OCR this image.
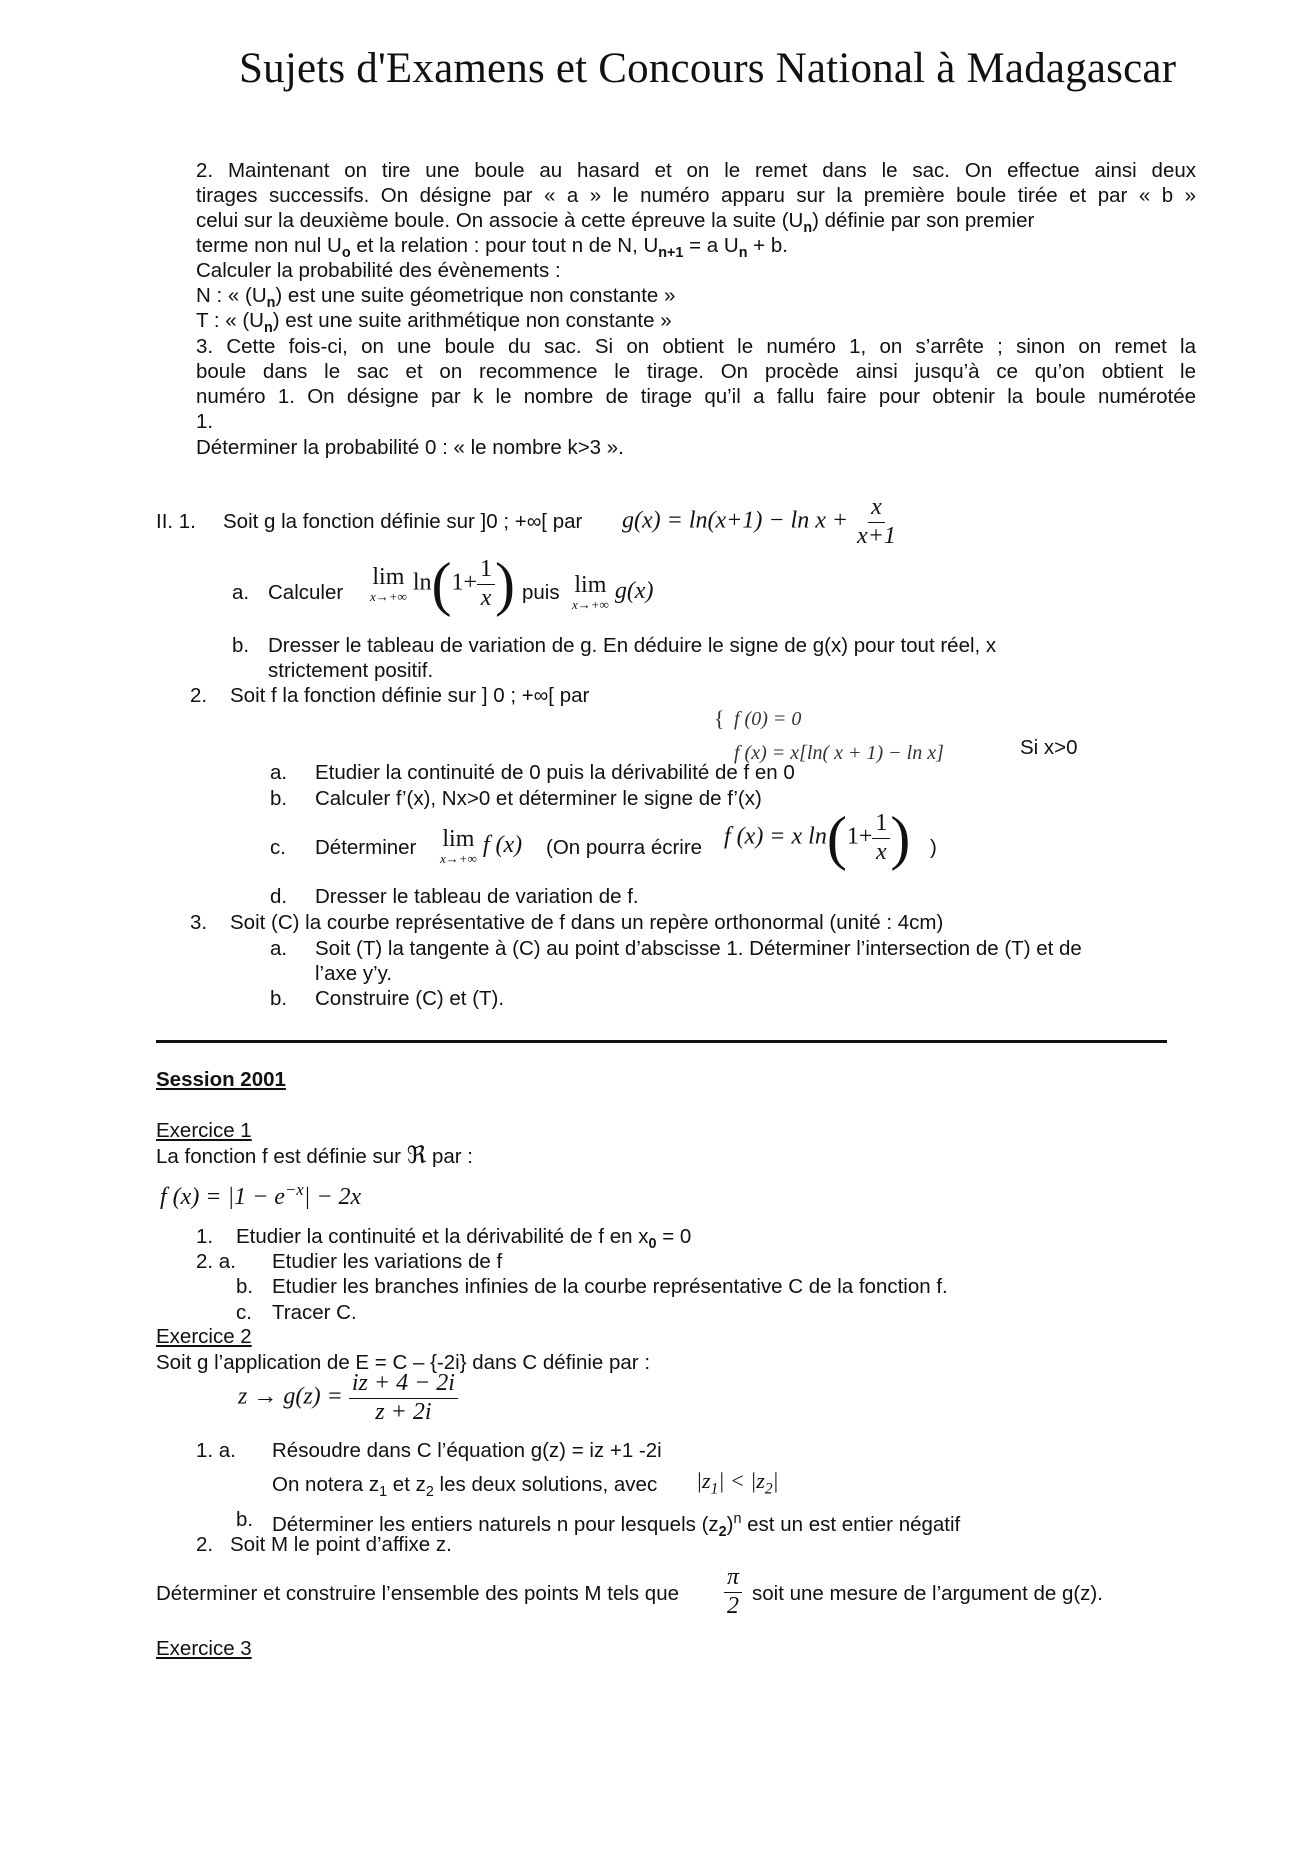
Sujets d'Examens et Concours National à Madagascar
2. Maintenant on tire une boule au hasard et on le remet dans le sac. On effectue ainsi deux
tirages successifs. On désigne par « a » le numéro apparu sur la première boule tirée et par « b »
celui sur la deuxième boule. On associe à cette épreuve la suite $(U_n)$ définie par son premier
terme non nul $U_o$ et la relation : pour tout n de N, $U_{n+1} = a$ $U_n + b$.
Calculer la probabilité des évènements :
N : « $(U_n)$ est une suite géometrique non constante »
T : « $(U_n)$ est une suite arithmétique non constante »
3. Cette fois-ci, on une boule du sac. Si on obtient le numéro 1, on s’arrête ; sinon on remet la
boule dans le sac et on recommence le tirage. On procède ainsi jusqu’à ce qu’on obtient le
numéro 1. On désigne par k le nombre de tirage qu’il a fallu faire pour obtenir la boule numérotée
1.
Déterminer la probabilité 0 : « le nombre k>3 ».
II. 1. Soit g la fonction définie sur ]0 ; +∞[ par $g(x) = \ln(x+1) - \ln x + \frac{x}{x+1}$
a. Calculer
lim
x→+∞
$\ln(1+ \frac{1}{x}$ ) puis lim
x→+∞
g(x)
b. Dresser le tableau de variation de g. En déduire le signe de g(x) pour tout réel, x
strictement positif.
2. Soit f la fonction définie sur ] 0 ; +∞[ par
{ f (0) = 0
f (x) = x[ln( x + 1) − ln x]	Si x>0
a. Etudier la continuité de 0 puis la dérivabilité de f en 0
b. Calculer f’(x), Nx>0 et déterminer le signe de f’(x)
c. Déterminer lim
x→+∞
f (x) (On pourra écrire f (x) = x $\ln(1+ \frac{1}{x}$ ) )
d. Dresser le tableau de variation de f.
3. Soit (C) la courbe représentative de f dans un repère orthonormal (unité : 4cm)
a. Soit (T) la tangente à (C) au point d’abscisse 1. Déterminer l’intersection de (T) et de
l’axe y’y.
b. Construire (C) et (T).
Session 2001
Exercice 1
La fonction f est définie sur ℜ par :
f $(x) = |1 - e^{-x}| - 2x$
1. Etudier la continuité et la dérivabilité de f en $x_0 = 0$
2. a. Etudier les variations de f
b. Etudier les branches infinies de la courbe représentative C de la fonction f.
c. Tracer C.
Exercice 2
Soit g l’application de E = C – {-2i} dans C définie par :
$z \to g(z) = \frac{iz + 4 - 2i}{z + 2i}$
1. a. Résoudre dans C l’équation g(z) = iz +1 -2i
On notera $z_1$ et $z_2$ les deux solutions, avec $|z_1| < |z_2|$
b. Déterminer les entiers naturels n pour lesquels $(z_2)^n$ est un est entier négatif
2. Soit M le point d’affixe z.
Déterminer et construire l’ensemble des points M tels que $\frac{\pi}{2}$ soit une mesure de l’argument de g(z).
Exercice 3
